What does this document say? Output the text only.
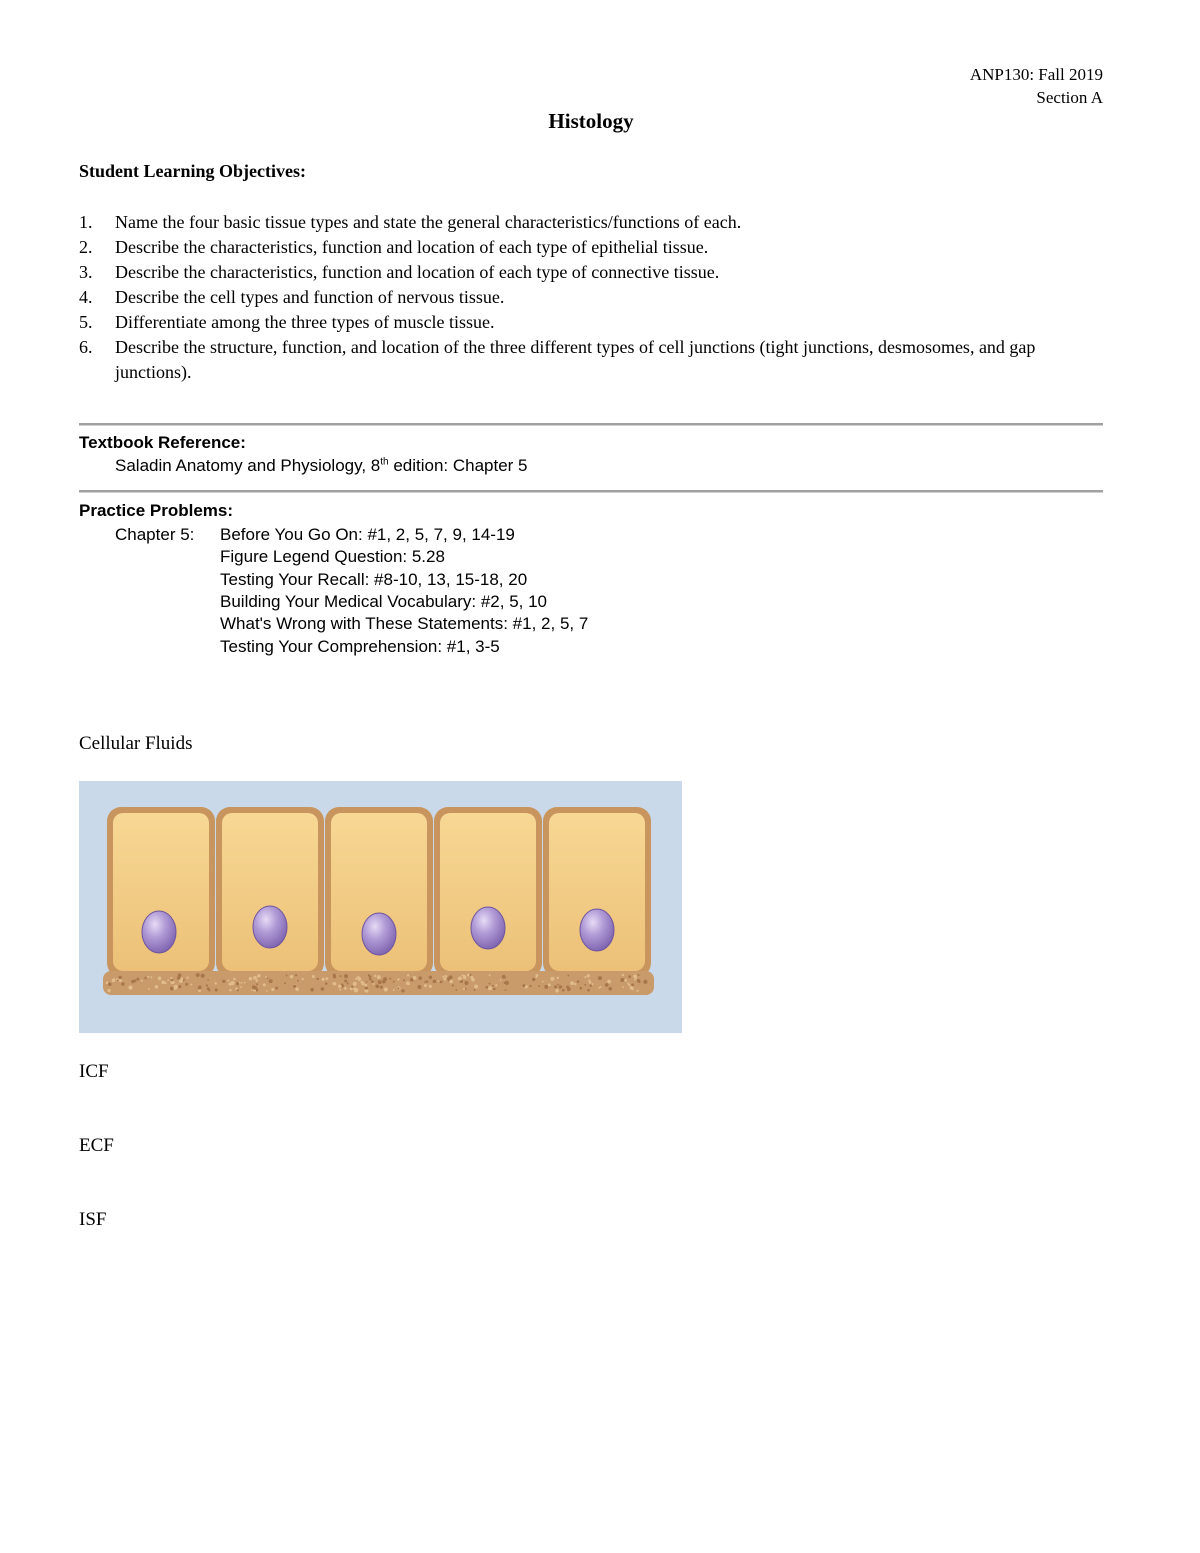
ANP130: Fall 2019
Section A
Histology
Student Learning Objectives:
1. Name the four basic tissue types and state the general characteristics/functions of each.
2. Describe the characteristics, function and location of each type of epithelial tissue.
3. Describe the characteristics, function and location of each type of connective tissue.
4. Describe the cell types and function of nervous tissue.
5. Differentiate among the three types of muscle tissue.
6. Describe the structure, function, and location of the three different types of cell junctions (tight junctions, desmosomes, and gap junctions).
Textbook Reference:
Saladin Anatomy and Physiology, 8th edition: Chapter 5
Practice Problems:
Chapter 5: Before You Go On: #1, 2, 5, 7, 9, 14-19
Figure Legend Question: 5.28
Testing Your Recall: #8-10, 13, 15-18, 20
Building Your Medical Vocabulary: #2, 5, 10
What's Wrong with These Statements: #1, 2, 5, 7
Testing Your Comprehension: #1, 3-5
Cellular Fluids
ICF
ECF
ISF
